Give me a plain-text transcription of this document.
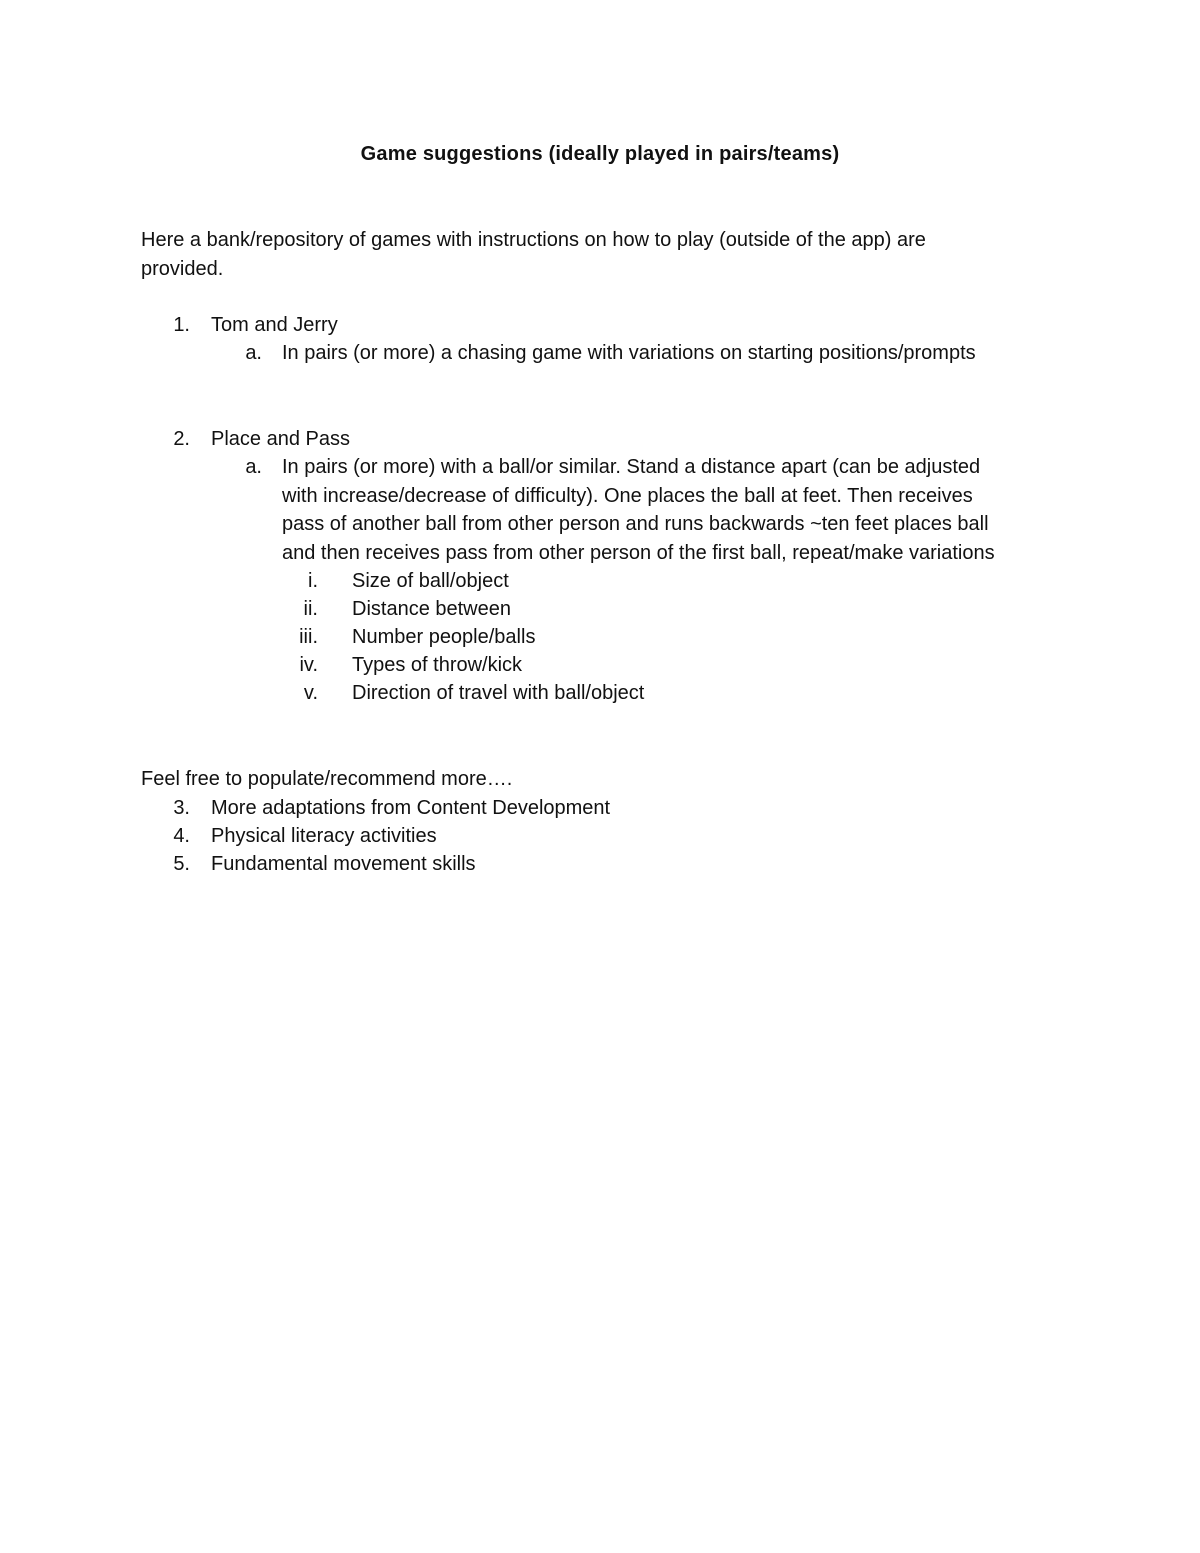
Game suggestions (ideally played in pairs/teams)
Here a bank/repository of games with instructions on how to play (outside of the app) are
provided.
1. Tom and Jerry
a. In pairs (or more) a chasing game with variations on starting positions/prompts
2. Place and Pass
a. In pairs (or more) with a ball/or similar. Stand a distance apart (can be adjusted
with increase/decrease of difficulty). One places the ball at feet. Then receives
pass of another ball from other person and runs backwards ~ten feet places ball
and then receives pass from other person of the first ball, repeat/make variations
i. Size of ball/object
ii. Distance between
iii. Number people/balls
iv. Types of throw/kick
v. Direction of travel with ball/object
Feel free to populate/recommend more….
3. More adaptations from Content Development
4. Physical literacy activities
5. Fundamental movement skills
